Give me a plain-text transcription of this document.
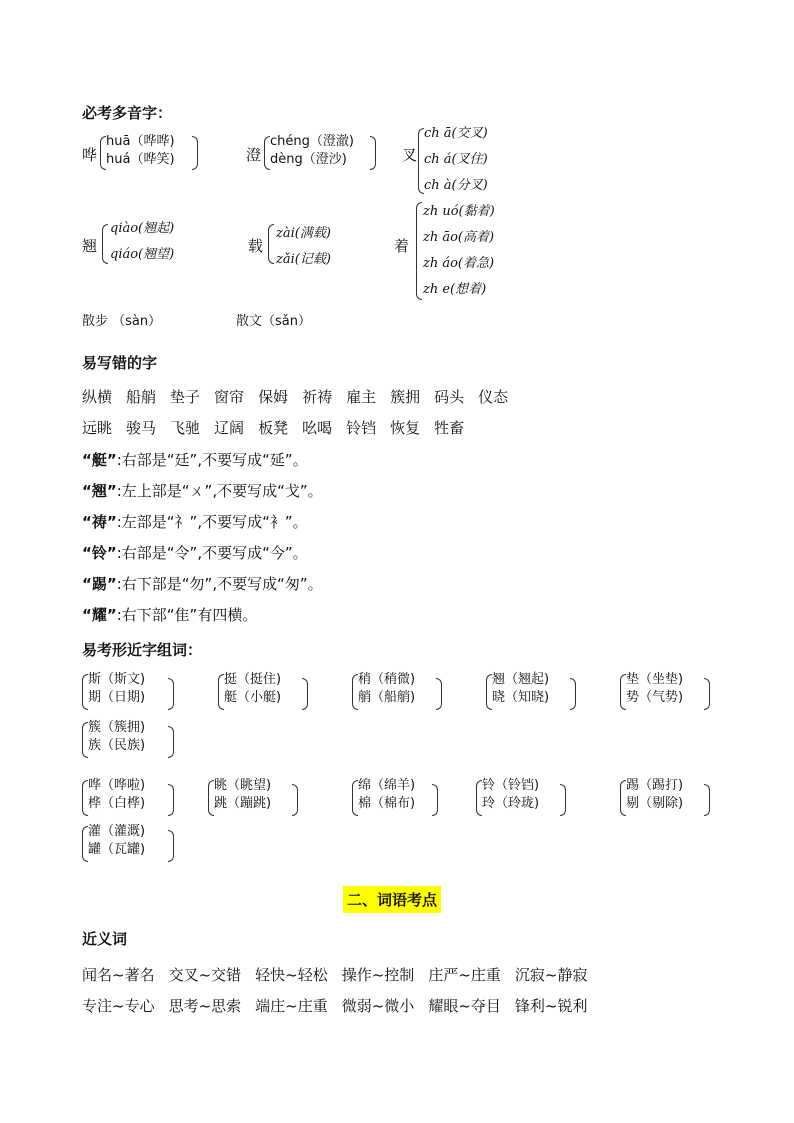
必考多音字：
哗
huā（哗哗)
huá（哗笑)	澄
chéng（澄澈)
dèng（澄沙)	叉
ch ā(交叉)
ch á(叉住)
ch à(分叉)
翘
qiào(翘起)
qiáo(翘望)	载
zài(满载)
zǎi(记载)
着
zh uó(黏着)
zh āo(高着)
zh áo(着急)
zh e(想着)
散步 （sàn）	散文（sǎn）
易写错的字
纵横 船艄 垫子 窗帘 保姆 祈祷 雇主 簇拥 码头 仪态
远眺 骏马 飞驰 辽阔 板凳 吆喝 铃铛 恢复 牲畜
“艇”:右部是“廷”,不要写成“延”。
“翘”:左上部是“ㄨ”,不要写成“戈”。
“祷”:左部是“礻”,不要写成“衤”。
“铃”:右部是“令”,不要写成“今”。
“踢”:右下部是“勿”,不要写成“匆”。
“耀”:右下部“隹”有四横。
易考形近字组词：
斯（斯文)
期（日期)
挺（挺住)
艇（小艇)
稍（稍微)
艄（船艄)
翘（翘起)
晓（知晓)
垫（坐垫)
势（气势)
簇（簇拥)
族（民族)
哗（哗啦)
桦（白桦)
眺（眺望)
跳（蹦跳)
绵（绵羊)
棉（棉布)
铃（铃铛)
玲（玲珑)
踢（踢打)
剔（剔除)
灌（灌溉)
罐（瓦罐)
二、词语考点
近义词
闻名~著名 交叉~交错 轻快~轻松 操作~控制 庄严~庄重 沉寂~静寂
专注~专心 思考~思索 端庄~庄重 微弱~微小 耀眼~夺目 锋利~锐利
